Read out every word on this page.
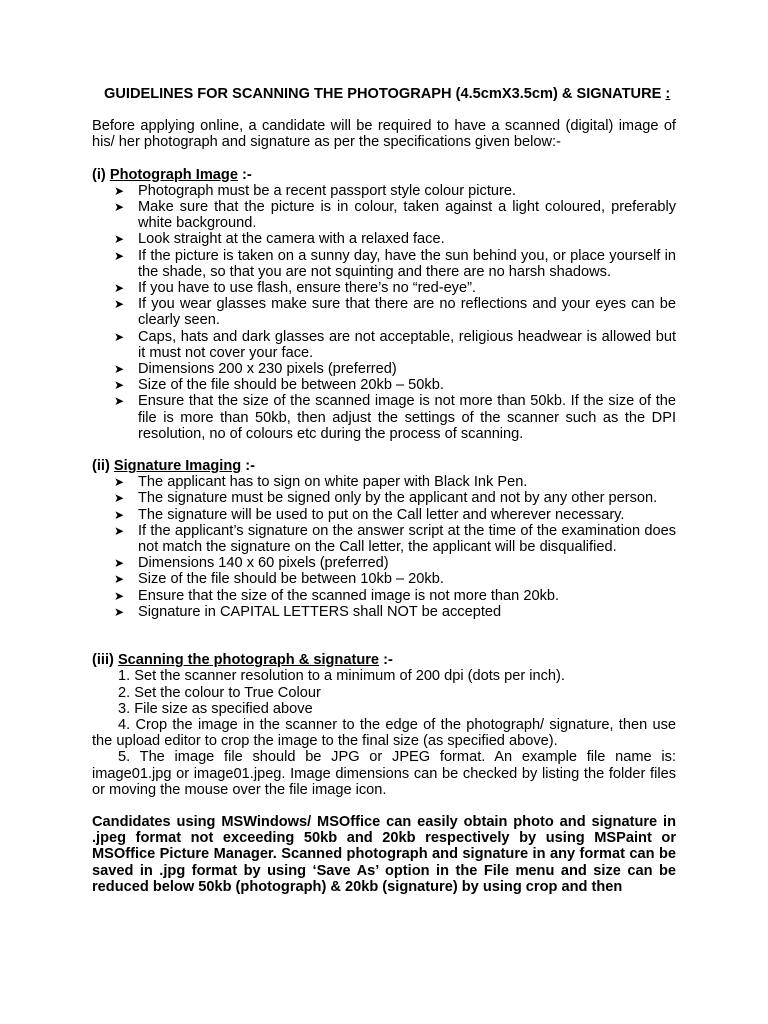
GUIDELINES FOR SCANNING THE PHOTOGRAPH (4.5cmX3.5cm) & SIGNATURE :
Before applying online, a candidate will be required to have a scanned (digital) image of his/ her photograph and signature as per the specifications given below:-
(i) Photograph Image :-
➤ Photograph must be a recent passport style colour picture.
➤ Make sure that the picture is in colour, taken against a light coloured, preferably white background.
➤ Look straight at the camera with a relaxed face.
➤ If the picture is taken on a sunny day, have the sun behind you, or place yourself in the shade, so that you are not squinting and there are no harsh shadows.
➤ If you have to use flash, ensure there’s no “red-eye”.
➤ If you wear glasses make sure that there are no reflections and your eyes can be clearly seen.
➤ Caps, hats and dark glasses are not acceptable, religious headwear is allowed but it must not cover your face.
➤ Dimensions 200 x 230 pixels (preferred)
➤ Size of the file should be between 20kb – 50kb.
➤ Ensure that the size of the scanned image is not more than 50kb. If the size of the file is more than 50kb, then adjust the settings of the scanner such as the DPI resolution, no of colours etc during the process of scanning.
(ii) Signature Imaging :-
➤ The applicant has to sign on white paper with Black Ink Pen.
➤ The signature must be signed only by the applicant and not by any other person.
➤ The signature will be used to put on the Call letter and wherever necessary.
➤ If the applicant’s signature on the answer script at the time of the examination does not match the signature on the Call letter, the applicant will be disqualified.
➤ Dimensions 140 x 60 pixels (preferred)
➤ Size of the file should be between 10kb – 20kb.
➤ Ensure that the size of the scanned image is not more than 20kb.
➤ Signature in CAPITAL LETTERS shall NOT be accepted
(iii) Scanning the photograph & signature :-
1. Set the scanner resolution to a minimum of 200 dpi (dots per inch).
2. Set the colour to True Colour
3. File size as specified above
4. Crop the image in the scanner to the edge of the photograph/ signature, then use the upload editor to crop the image to the final size (as specified above).
5. The image file should be JPG or JPEG format. An example file name is: image01.jpg or image01.jpeg. Image dimensions can be checked by listing the folder files or moving the mouse over the file image icon.
Candidates using MSWindows/ MSOffice can easily obtain photo and signature in .jpeg format not exceeding 50kb and 20kb respectively by using MSPaint or MSOffice Picture Manager. Scanned photograph and signature in any format can be saved in .jpg format by using ‘Save As’ option in the File menu and size can be reduced below 50kb (photograph) & 20kb (signature) by using crop and then
